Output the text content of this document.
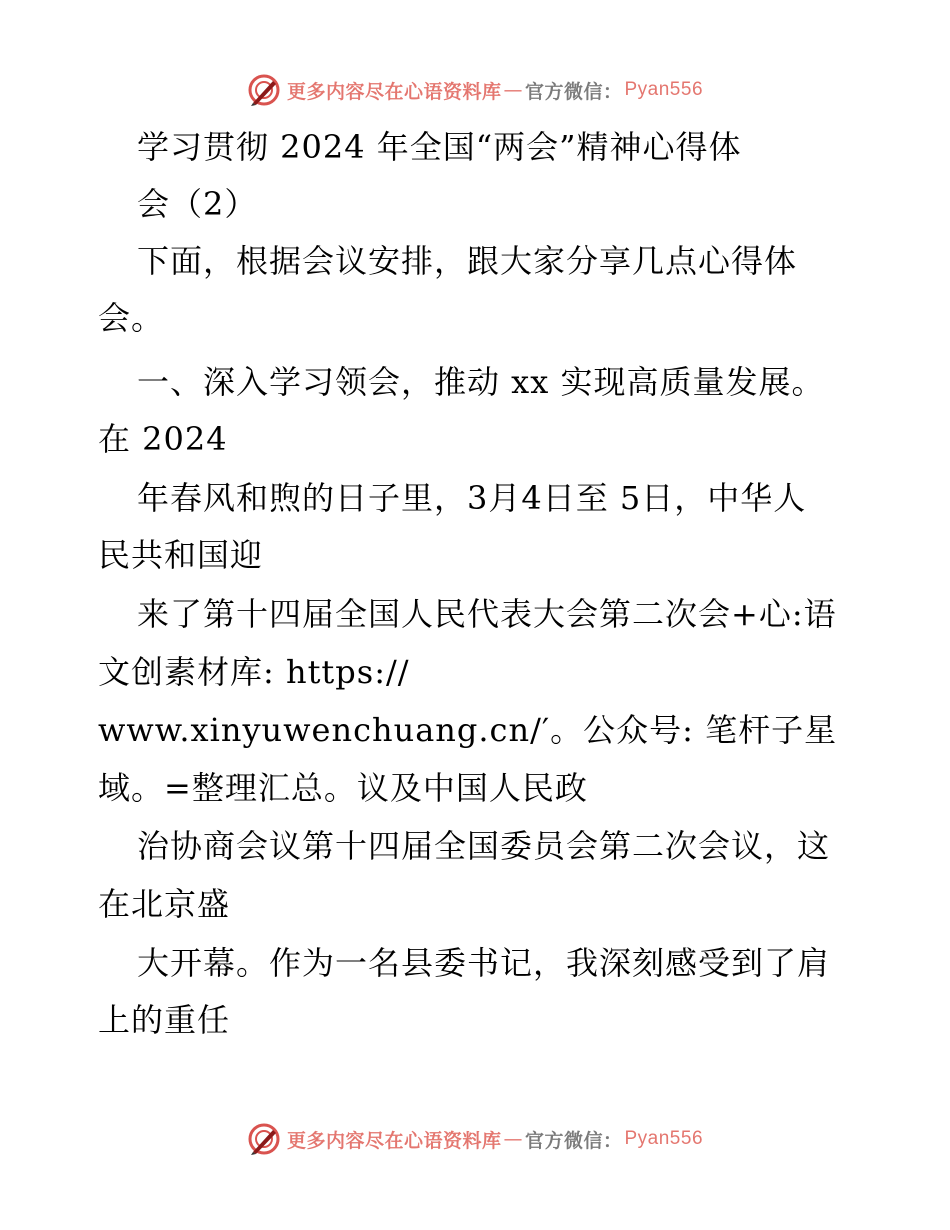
更多内容尽在心语资料库 — 官方微信： Pyan556
学习贯彻 2024 年全国“两会”精神心得体
会（2）
下面，根据会议安排，跟大家分享几点心得体
会。
一、深入学习领会，推动 xx 实现高质量发展。
在 2024
年春风和煦的日子里，3月4日至 5日，中华人
民共和国迎
来了第十四届全国人民代表大会第二次会+心:语
文创素材库: https://
www.xinyuwenchuang.cn/′。公众号: 笔杆子星
域。=整理汇总。议及中国人民政
治协商会议第十四届全国委员会第二次会议，这
在北京盛
大开幕。作为一名县委书记，我深刻感受到了肩
上的重任
更多内容尽在心语资料库 — 官方微信： Pyan556
